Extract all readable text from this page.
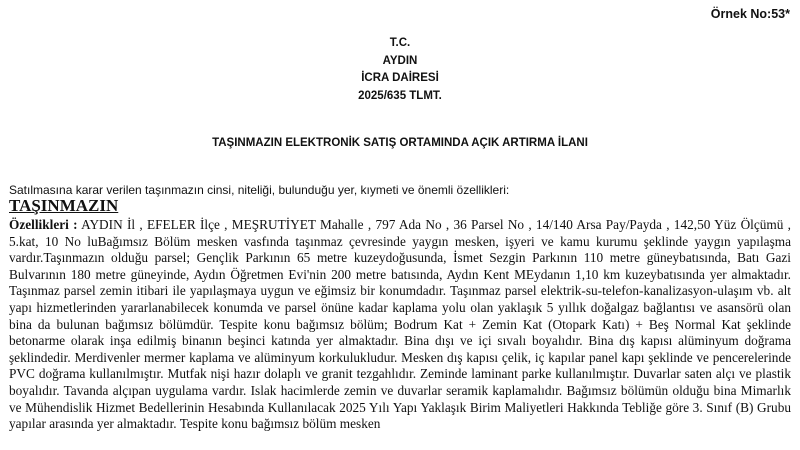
Örnek No:53*
T.C.
AYDIN
İCRA DAİRESİ
2025/635 TLMT.
TAŞINMAZIN ELEKTRONİK SATIŞ ORTAMINDA AÇIK ARTIRMA İLANI
Satılmasına karar verilen taşınmazın cinsi, niteliği, bulunduğu yer, kıymeti ve önemli özellikleri:
TAŞINMAZIN

Özellikleri : AYDIN İl , EFELER İlçe , MEŞRUTİYET Mahalle , 797 Ada No , 36 Parsel No , 14/140 Arsa Pay/Payda , 142,50 Yüz Ölçümü , 5.kat, 10 No luBağımsız Bölüm mesken vasfında taşınmaz çevresinde yaygın mesken, işyeri ve kamu kurumu şeklinde yaygın yapılaşma vardır.Taşınmazın olduğu parsel; Gençlik Parkının 65 metre kuzeydoğusunda, İsmet Sezgin Parkının 110 metre güneybatısında, Batı Gazi Bulvarının 180 metre güneyinde, Aydın Öğretmen Evi'nin 200 metre batısında, Aydın Kent MEydanın 1,10 km kuzeybatısında yer almaktadır. Taşınmaz parsel zemin itibari ile yapılaşmaya uygun ve eğimsiz bir konumdadır. Taşınmaz parsel elektrik-su-telefon-kanalizasyon-ulaşım vb. alt yapı hizmetlerinden yararlanabilecek konumda ve parsel önüne kadar kaplama yolu olan yaklaşık 5 yıllık doğalgaz bağlantısı ve asansörü olan bina da bulunan bağımsız bölümdür. Tespite konu bağımsız bölüm; Bodrum Kat + Zemin Kat (Otopark Katı) + Beş Normal Kat şeklinde betonarme olarak inşa edilmiş binanın beşinci katında yer almaktadır. Bina dışı ve içi sıvalı boyalıdır. Bina dış kapısı alüminyum doğrama şeklindedir. Merdivenler mermer kaplama ve alüminyum korkulukludur. Mesken dış kapısı çelik, iç kapılar panel kapı şeklinde ve pencerelerinde PVC doğrama kullanılmıştır. Mutfak nişi hazır dolaplı ve granit tezgahlıdır. Zeminde laminant parke kullanılmıştır. Duvarlar saten alçı ve plastik boyalıdır. Tavanda alçıpan uygulama vardır. Islak hacimlerde zemin ve duvarlar seramik kaplamalıdır. Bağımsız bölümün olduğu bina Mimarlık ve Mühendislik Hizmet Bedellerinin Hesabında Kullanılacak 2025 Yılı Yapı Yaklaşık Birim Maliyetleri Hakkında Tebliğe göre 3. Sınıf (B) Grubu yapılar arasında yer almaktadır. Tespite konu bağımsız bölüm mesken
